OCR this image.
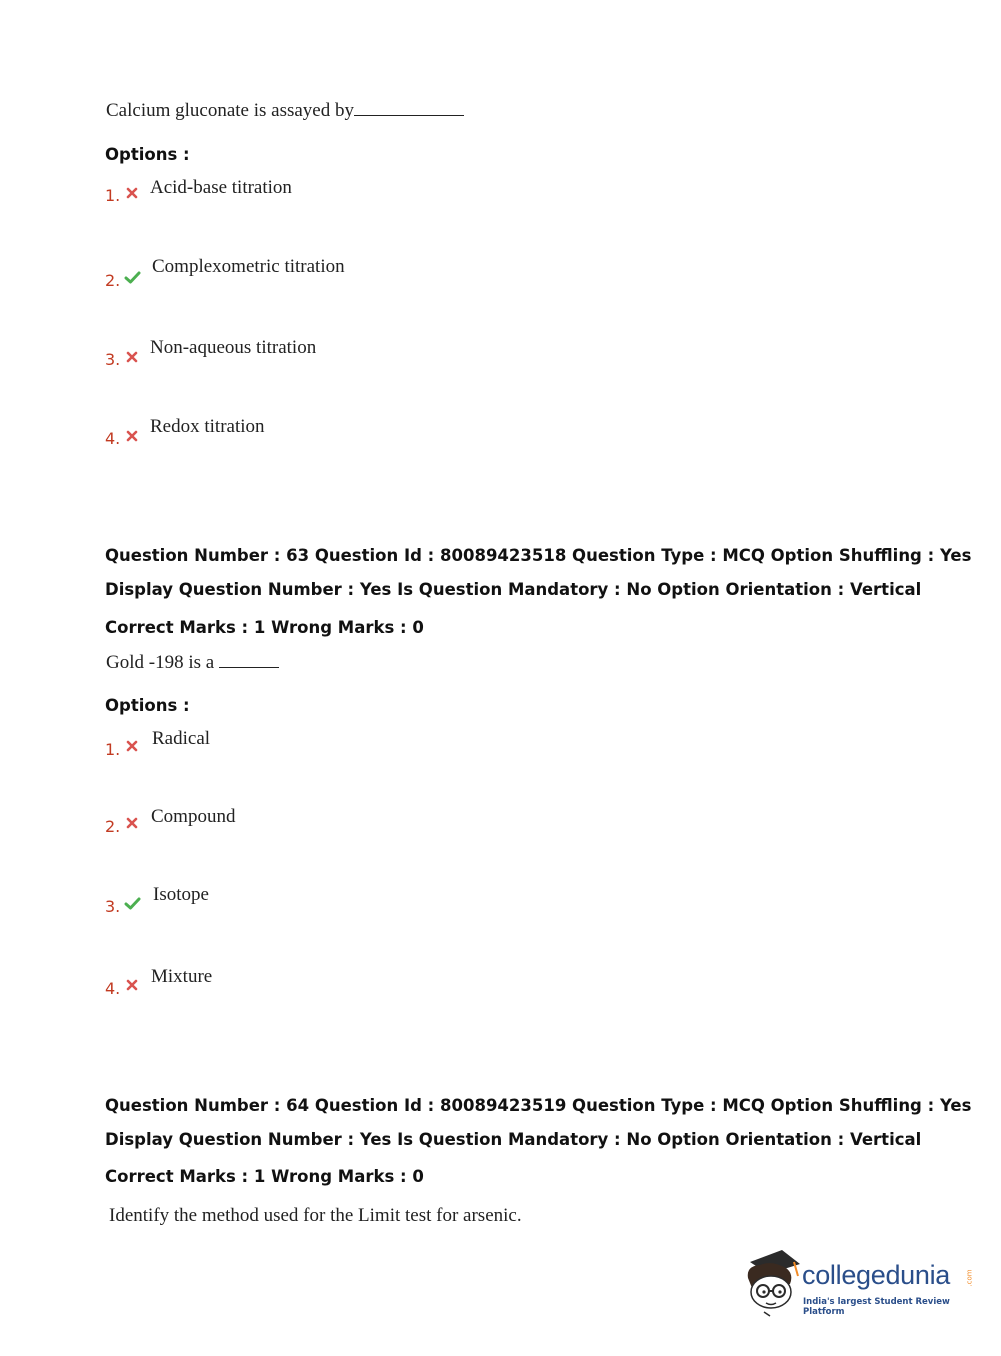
Calcium gluconate is assayed by
Options :
1. Acid-base titration
2.
Complexometric titration
3.
Non-aqueous titration
4.
Redox titration
Question Number : 63 Question Id : 80089423518 Question Type : MCQ Option Shuffling : Yes
Display Question Number : Yes Is Question Mandatory : No Option Orientation : Vertical
Correct Marks : 1 Wrong Marks : 0
Gold -198 is a
Options :
1.
Radical
2. Compound
3.
Isotope
4.
Mixture
Question Number : 64 Question Id : 80089423519 Question Type : MCQ Option Shuffling : Yes
Display Question Number : Yes Is Question Mandatory : No Option Orientation : Vertical
Correct Marks : 1 Wrong Marks : 0
Identify the method used for the Limit test for arsenic.
collegedunia .com
India's largest Student Review Platform
